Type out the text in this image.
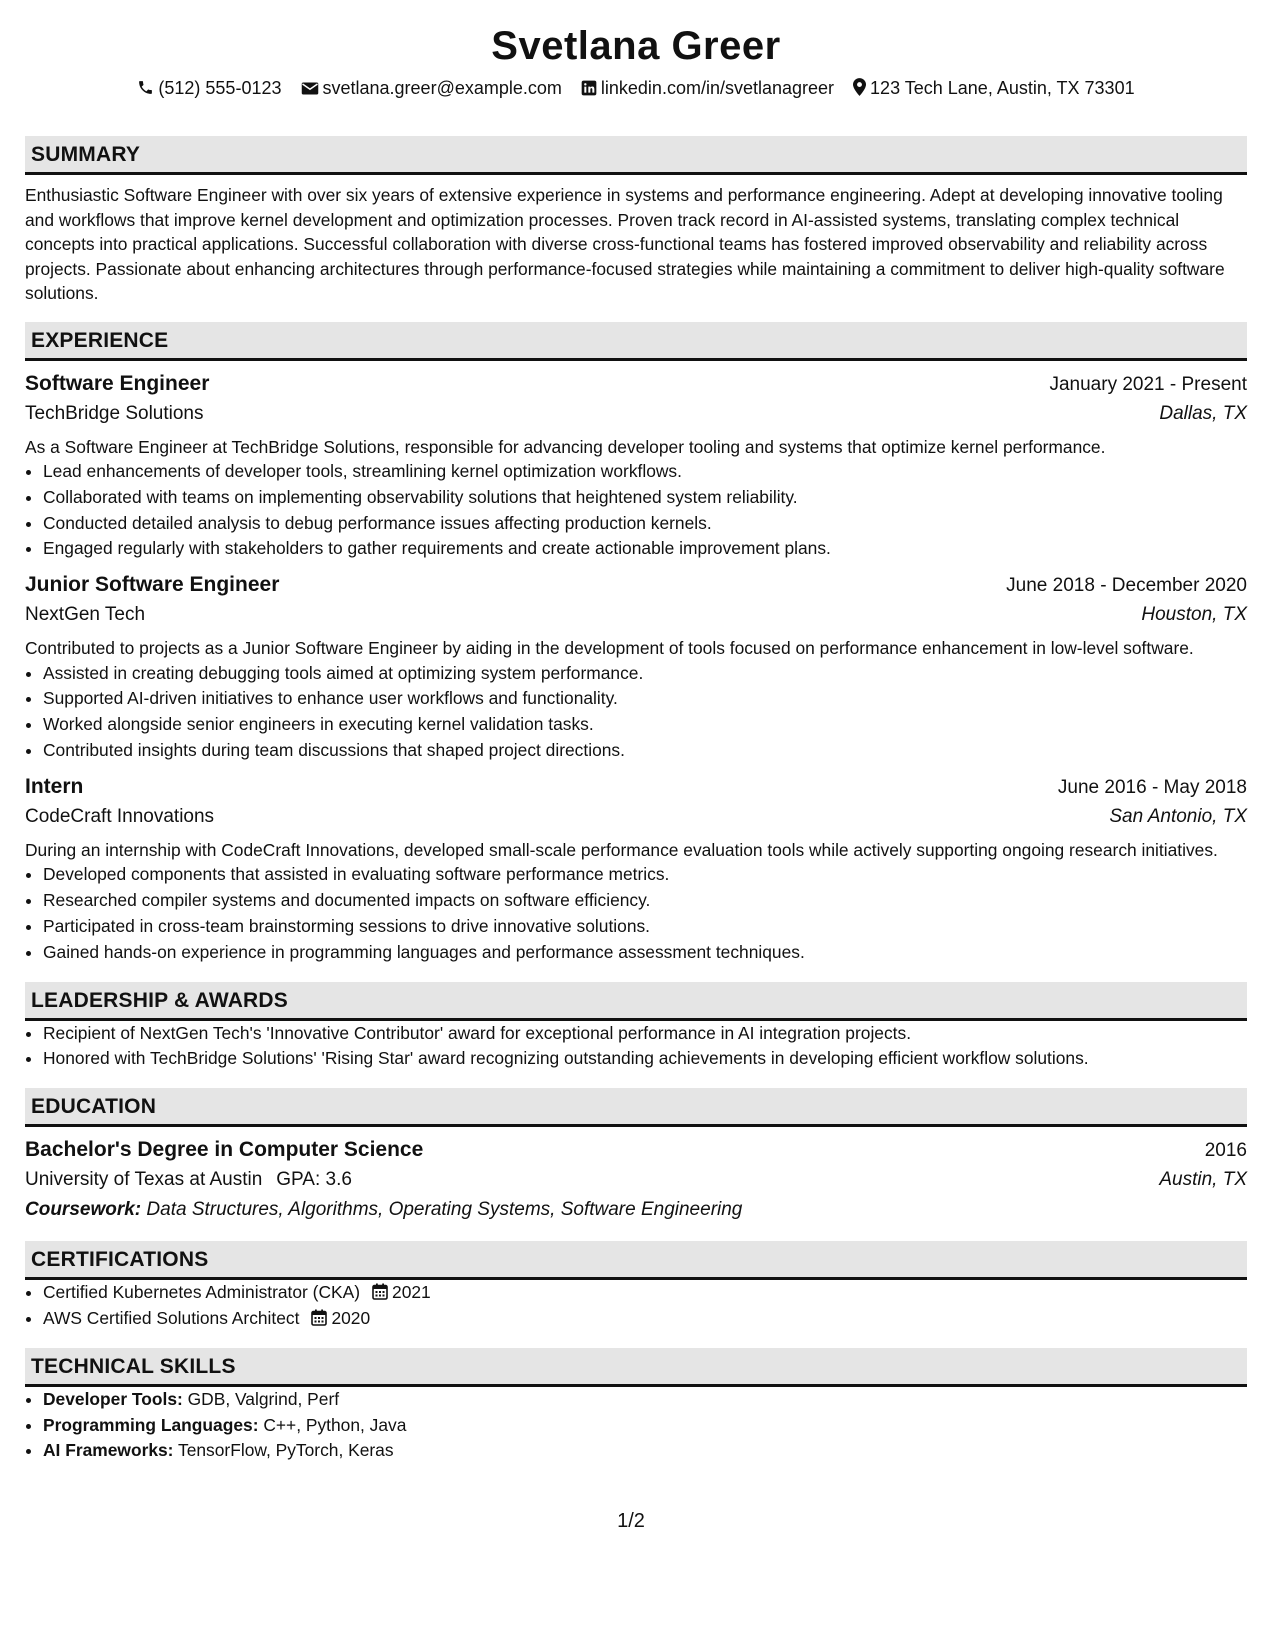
Svetlana Greer
(512) 555-0123 svetlana.greer@example.com linkedin.com/in/svetlanagreer 123 Tech Lane, Austin, TX 73301
SUMMARY

Enthusiastic Software Engineer with over six years of extensive experience in systems and performance engineering. Adept at developing innovative tooling and workflows that improve kernel development and optimization processes. Proven track record in AI-assisted systems, translating complex technical concepts into practical applications. Successful collaboration with diverse cross-functional teams has fostered improved observability and reliability across projects. Passionate about enhancing architectures through performance-focused strategies while maintaining a commitment to deliver high-quality software solutions.

EXPERIENCE
Software Engineer	January 2021 - Present
TechBridge Solutions	Dallas, TX

As a Software Engineer at TechBridge Solutions, responsible for advancing developer tooling and systems that optimize kernel performance.

• Lead enhancements of developer tools, streamlining kernel optimization workflows.
• Collaborated with teams on implementing observability solutions that heightened system reliability.
• Conducted detailed analysis to debug performance issues affecting production kernels.
• Engaged regularly with stakeholders to gather requirements and create actionable improvement plans.
Junior Software Engineer	June 2018 - December 2020
NextGen Tech	Houston, TX

Contributed to projects as a Junior Software Engineer by aiding in the development of tools focused on performance enhancement in low-level software.

• Assisted in creating debugging tools aimed at optimizing system performance.
• Supported AI-driven initiatives to enhance user workflows and functionality.
• Worked alongside senior engineers in executing kernel validation tasks.
• Contributed insights during team discussions that shaped project directions.
Intern	June 2016 - May 2018
CodeCraft Innovations	San Antonio, TX

During an internship with CodeCraft Innovations, developed small-scale performance evaluation tools while actively supporting ongoing research initiatives.

• Developed components that assisted in evaluating software performance metrics.
• Researched compiler systems and documented impacts on software efficiency.
• Participated in cross-team brainstorming sessions to drive innovative solutions.
• Gained hands-on experience in programming languages and performance assessment techniques.
LEADERSHIP & AWARDS
• Recipient of NextGen Tech's 'Innovative Contributor' award for exceptional performance in AI integration projects.
• Honored with TechBridge Solutions' 'Rising Star' award recognizing outstanding achievements in developing efficient workflow solutions.
EDUCATION
Bachelor's Degree in Computer Science	2016
University of Texas at Austin GPA: 3.6	Austin, TX
Coursework: Data Structures, Algorithms, Operating Systems, Software Engineering
CERTIFICATIONS
• Certified Kubernetes Administrator (CKA) 2021
• AWS Certified Solutions Architect 2020
TECHNICAL SKILLS
• Developer Tools: GDB, Valgrind, Perf
• Programming Languages: C++, Python, Java
• AI Frameworks: TensorFlow, PyTorch, Keras
1/2
